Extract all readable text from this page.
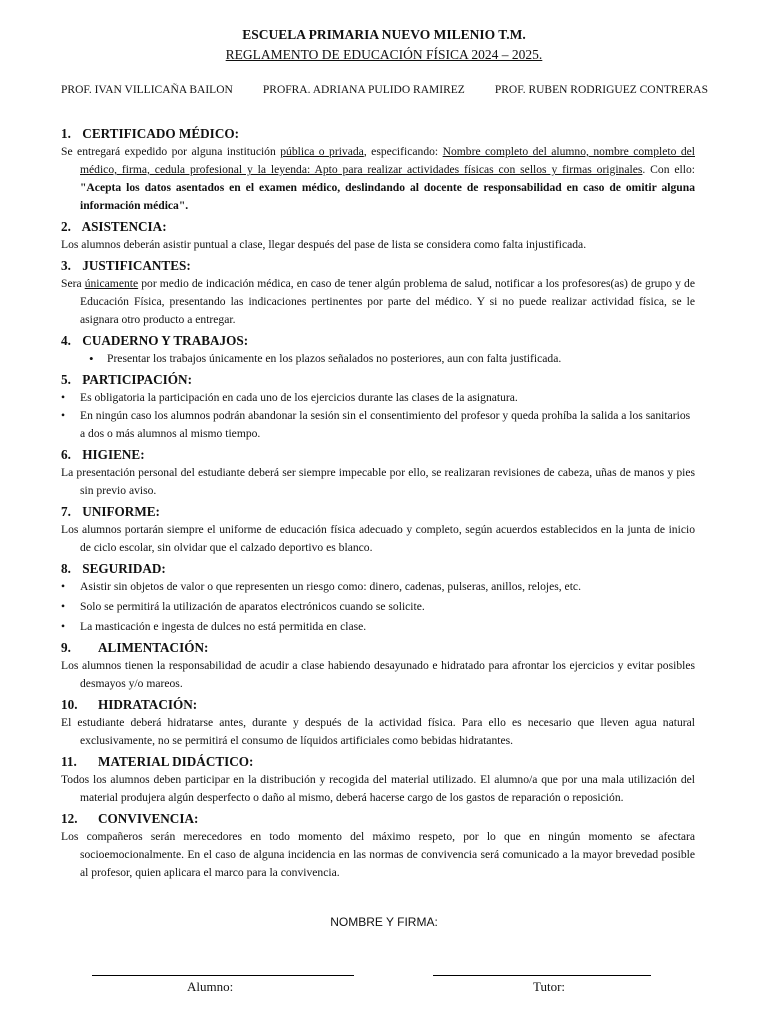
ESCUELA PRIMARIA NUEVO MILENIO T.M.
REGLAMENTO DE EDUCACIÓN FÍSICA 2024 – 2025.
PROF. IVAN VILLICAÑA BAILON	PROFRA. ADRIANA PULIDO RAMIREZ	PROF. RUBEN RODRIGUEZ CONTRERAS
1. CERTIFICADO MÉDICO:

Se entregará expedido por alguna institución pública o privada, especificando: Nombre completo del alumno, nombre completo del médico, firma, cedula profesional y la leyenda: Apto para realizar actividades físicas con sellos y firmas originales. Con ello: "Acepta los datos asentados en el examen médico, deslindando al docente de responsabilidad en caso de omitir alguna información médica".

2. ASISTENCIA:

Los alumnos deberán asistir puntual a clase, llegar después del pase de lista se considera como falta injustificada.

3. JUSTIFICANTES:

Sera únicamente por medio de indicación médica, en caso de tener algún problema de salud, notificar a los profesores(as) de grupo y de Educación Física, presentando las indicaciones pertinentes por parte del médico. Y si no puede realizar actividad física, se le asignara otro producto a entregar.

4. CUADERNO Y TRABAJOS:
• Presentar los trabajos únicamente en los plazos señalados no posteriores, aun con falta justificada.
5. PARTICIPACIÓN:
• Es obligatoria la participación en cada uno de los ejercicios durante las clases de la asignatura.
• En ningún caso los alumnos podrán abandonar la sesión sin el consentimiento del profesor y queda prohíba la salida a los sanitarios a dos o más alumnos al mismo tiempo.
6. HIGIENE:

La presentación personal del estudiante deberá ser siempre impecable por ello, se realizaran revisiones de cabeza, uñas de manos y pies sin previo aviso.

7. UNIFORME:

Los alumnos portarán siempre el uniforme de educación física adecuado y completo, según acuerdos establecidos en la junta de inicio de ciclo escolar, sin olvidar que el calzado deportivo es blanco.

8. SEGURIDAD:
• Asistir sin objetos de valor o que representen un riesgo como: dinero, cadenas, pulseras, anillos, relojes, etc.
• Solo se permitirá la utilización de aparatos electrónicos cuando se solicite.
• La masticación e ingesta de dulces no está permitida en clase.
9. ALIMENTACIÓN:

Los alumnos tienen la responsabilidad de acudir a clase habiendo desayunado e hidratado para afrontar los ejercicios y evitar posibles desmayos y/o mareos.

10. HIDRATACIÓN:

El estudiante deberá hidratarse antes, durante y después de la actividad física. Para ello es necesario que lleven agua natural exclusivamente, no se permitirá el consumo de líquidos artificiales como bebidas hidratantes.

11. MATERIAL DIDÁCTICO:

Todos los alumnos deben participar en la distribución y recogida del material utilizado. El alumno/a que por una mala utilización del material produjera algún desperfecto o daño al mismo, deberá hacerse cargo de los gastos de reparación o reposición.

12. CONVIVENCIA:

Los compañeros serán merecedores en todo momento del máximo respeto, por lo que en ningún momento se afectara socioemocionalmente. En el caso de alguna incidencia en las normas de convivencia será comunicado a la mayor brevedad posible al profesor, quien aplicara el marco para la convivencia.

NOMBRE Y FIRMA:
Alumno:	Tutor:
